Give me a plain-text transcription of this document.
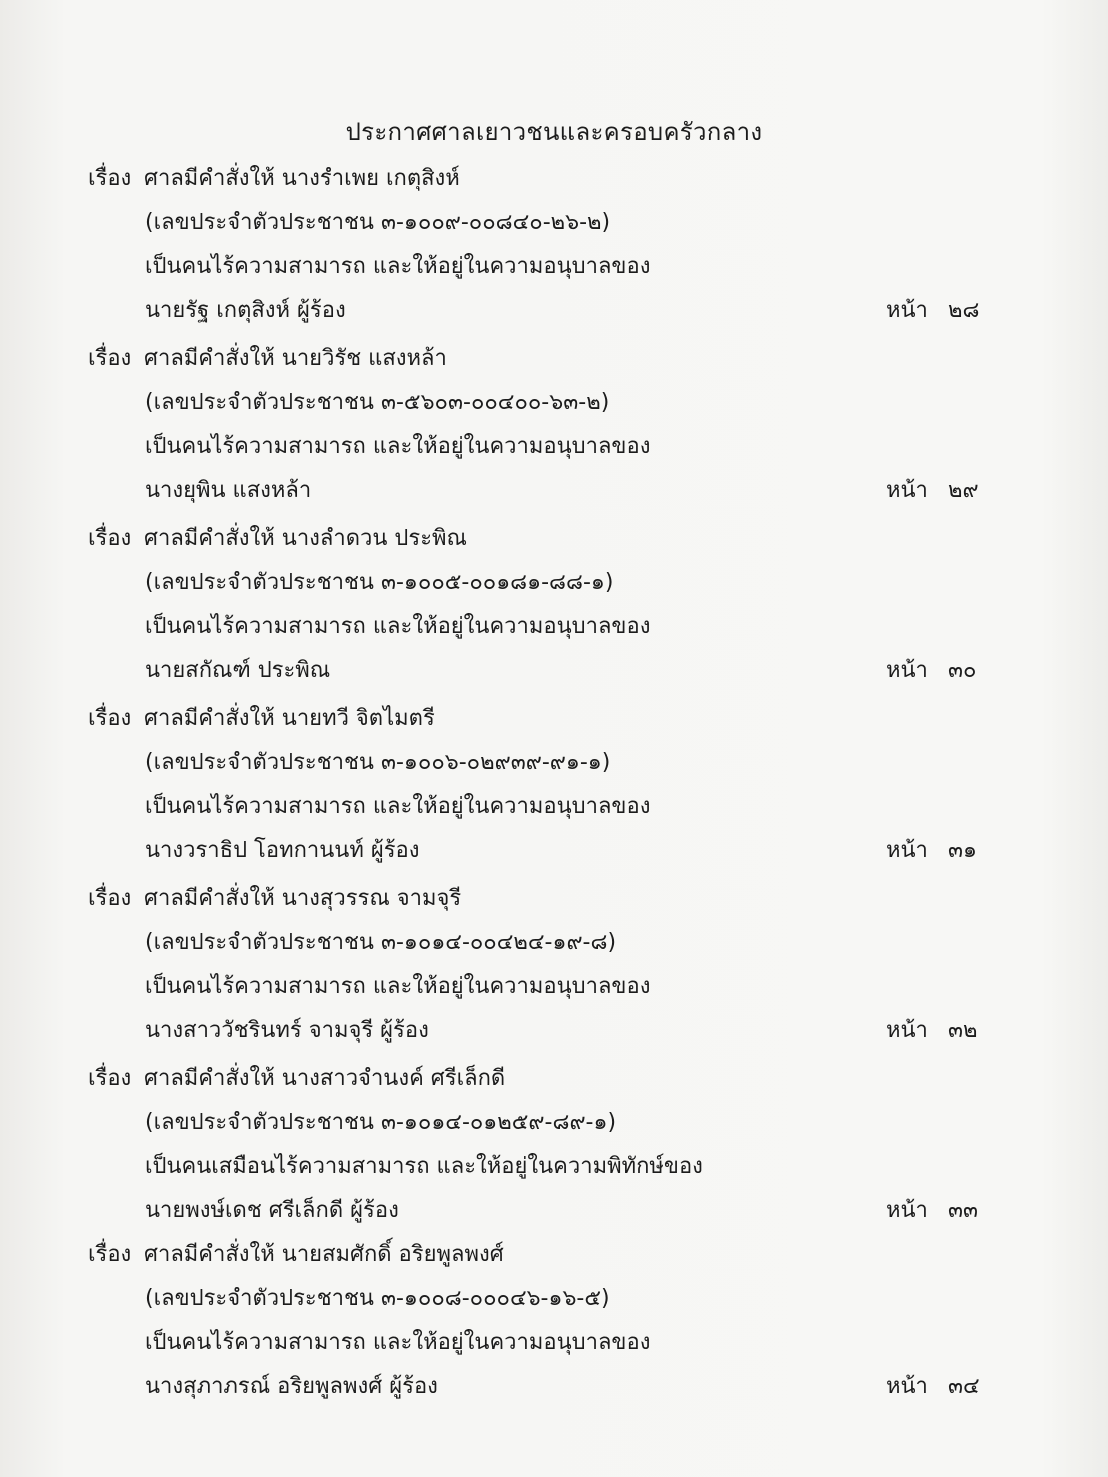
ประกาศศาลเยาวชนและครอบครัวกลาง
เรื่อง ศาลมีคำสั่งให้ นางรำเพย เกตุสิงห์
(เลขประจำตัวประชาชน ๓-๑๐๐๙-๐๐๘๔๐-๒๖-๒)
เป็นคนไร้ความสามารถ และให้อยู่ในความอนุบาลของ
นายรัฐ เกตุสิงห์ ผู้ร้อง	หน้า ๒๘
เรื่อง ศาลมีคำสั่งให้ นายวิรัช แสงหล้า
(เลขประจำตัวประชาชน ๓-๕๖๐๓-๐๐๔๐๐-๖๓-๒)
เป็นคนไร้ความสามารถ และให้อยู่ในความอนุบาลของ
นางยุพิน แสงหล้า	หน้า ๒๙
เรื่อง ศาลมีคำสั่งให้ นางลำดวน ประพิณ
(เลขประจำตัวประชาชน ๓-๑๐๐๕-๐๐๑๘๑-๘๘-๑)
เป็นคนไร้ความสามารถ และให้อยู่ในความอนุบาลของ
นายสกัณฑ์ ประพิณ	หน้า ๓๐
เรื่อง ศาลมีคำสั่งให้ นายทวี จิตไมตรี
(เลขประจำตัวประชาชน ๓-๑๐๐๖-๐๒๙๓๙-๙๑-๑)
เป็นคนไร้ความสามารถ และให้อยู่ในความอนุบาลของ
นางวราธิป โอทกานนท์ ผู้ร้อง	หน้า ๓๑
เรื่อง ศาลมีคำสั่งให้ นางสุวรรณ จามจุรี
(เลขประจำตัวประชาชน ๓-๑๐๑๔-๐๐๔๒๔-๑๙-๘)
เป็นคนไร้ความสามารถ และให้อยู่ในความอนุบาลของ
นางสาววัชรินทร์ จามจุรี ผู้ร้อง	หน้า ๓๒
เรื่อง ศาลมีคำสั่งให้ นางสาวจำนงค์ ศรีเล็กดี
(เลขประจำตัวประชาชน ๓-๑๐๑๔-๐๑๒๕๙-๘๙-๑)
เป็นคนเสมือนไร้ความสามารถ และให้อยู่ในความพิทักษ์ของ
นายพงษ์เดช ศรีเล็กดี ผู้ร้อง	หน้า ๓๓
เรื่อง ศาลมีคำสั่งให้ นายสมศักดิ์ อริยพูลพงศ์
(เลขประจำตัวประชาชน ๓-๑๐๐๘-๐๐๐๔๖-๑๖-๕)
เป็นคนไร้ความสามารถ และให้อยู่ในความอนุบาลของ
นางสุภาภรณ์ อริยพูลพงศ์ ผู้ร้อง	หน้า ๓๔
